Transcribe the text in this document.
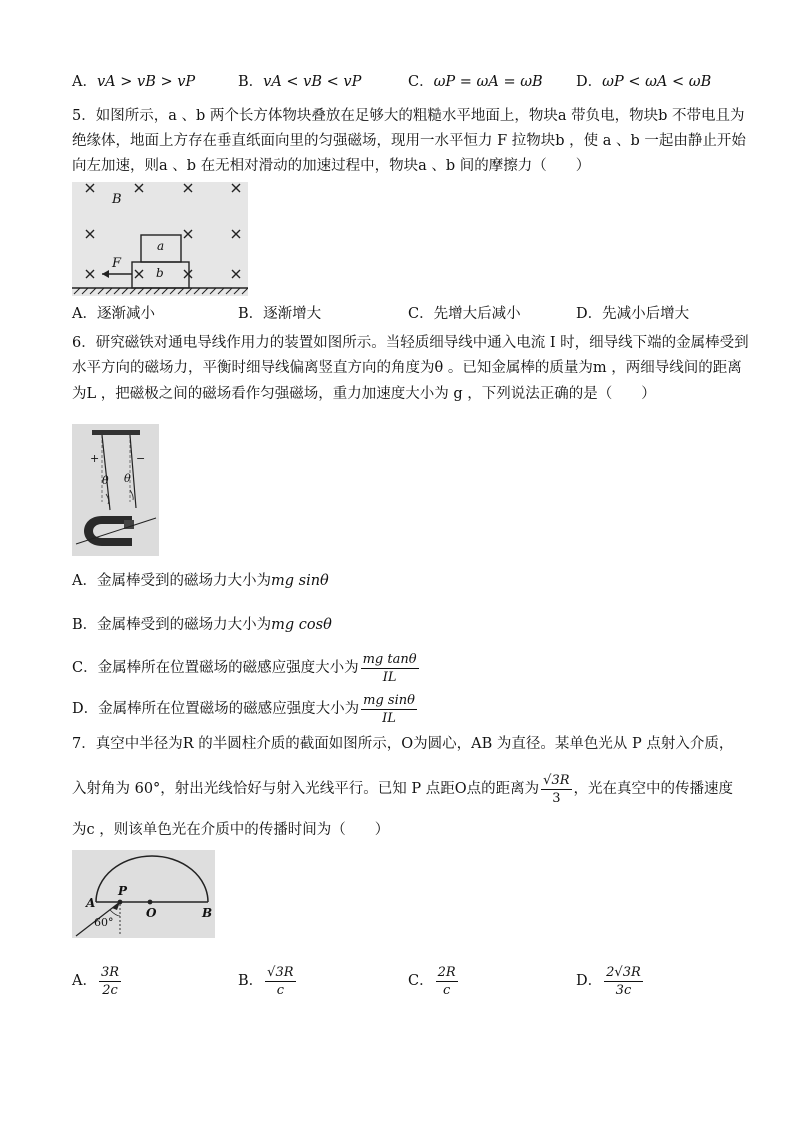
A．vA > vB > vP	B．vA < vB < vP	C．ωP = ωA = ωB D．ωP < ωA < ωB
5．如图所示，a 、b 两个长方体物块叠放在足够大的粗糙水平地面上，物块a 带负电，物块b 不带电且为
绝缘体，地面上方存在垂直纸面向里的匀强磁场，现用一水平恒力 F 拉物块b ，使 a 、b 一起由静止开始
向左加速，则a 、b 在无相对滑动的加速过程中，物块a 、b 间的摩擦力（　　）
B
a
b
F
A．逐渐减小	B．逐渐增大	C．先增大后减小	D．先减小后增大
6．研究磁铁对通电导线作用力的装置如图所示。当轻质细导线中通入电流 I 时，细导线下端的金属棒受到
水平方向的磁场力，平衡时细导线偏离竖直方向的角度为θ 。已知金属棒的质量为m ，两细导线间的距离
为L ，把磁极之间的磁场看作匀强磁场，重力加速度大小为 g ，下列说法正确的是（　　）
+	−
θ θ
A．金属棒受到的磁场力大小为mg sinθ
B．金属棒受到的磁场力大小为mg cosθ
C．金属棒所在位置磁场的磁感应强度大小为 $\frac{\text{mg tanθ}}{IL}$
D．金属棒所在位置磁场的磁感应强度大小为 $\frac{\text{mg sinθ}}{IL}$
7．真空中半径为R 的半圆柱介质的截面如图所示，O为圆心，AB 为直径。某单色光从 P 点射入介质，
入射角为 60°，射出光线恰好与射入光线平行。已知 P 点距O点的距离为 $\frac{√3R}{3}$ ，光在真空中的传播速度
为c ，则该单色光在介质中的传播时间为（　　）
A
P
O	B
60°
A． $\frac{3R}{2c}$	B． $\frac{√3R}{c}$	C． $\frac{2R}{c}$	D． $\frac{2√3R}{3c}$
